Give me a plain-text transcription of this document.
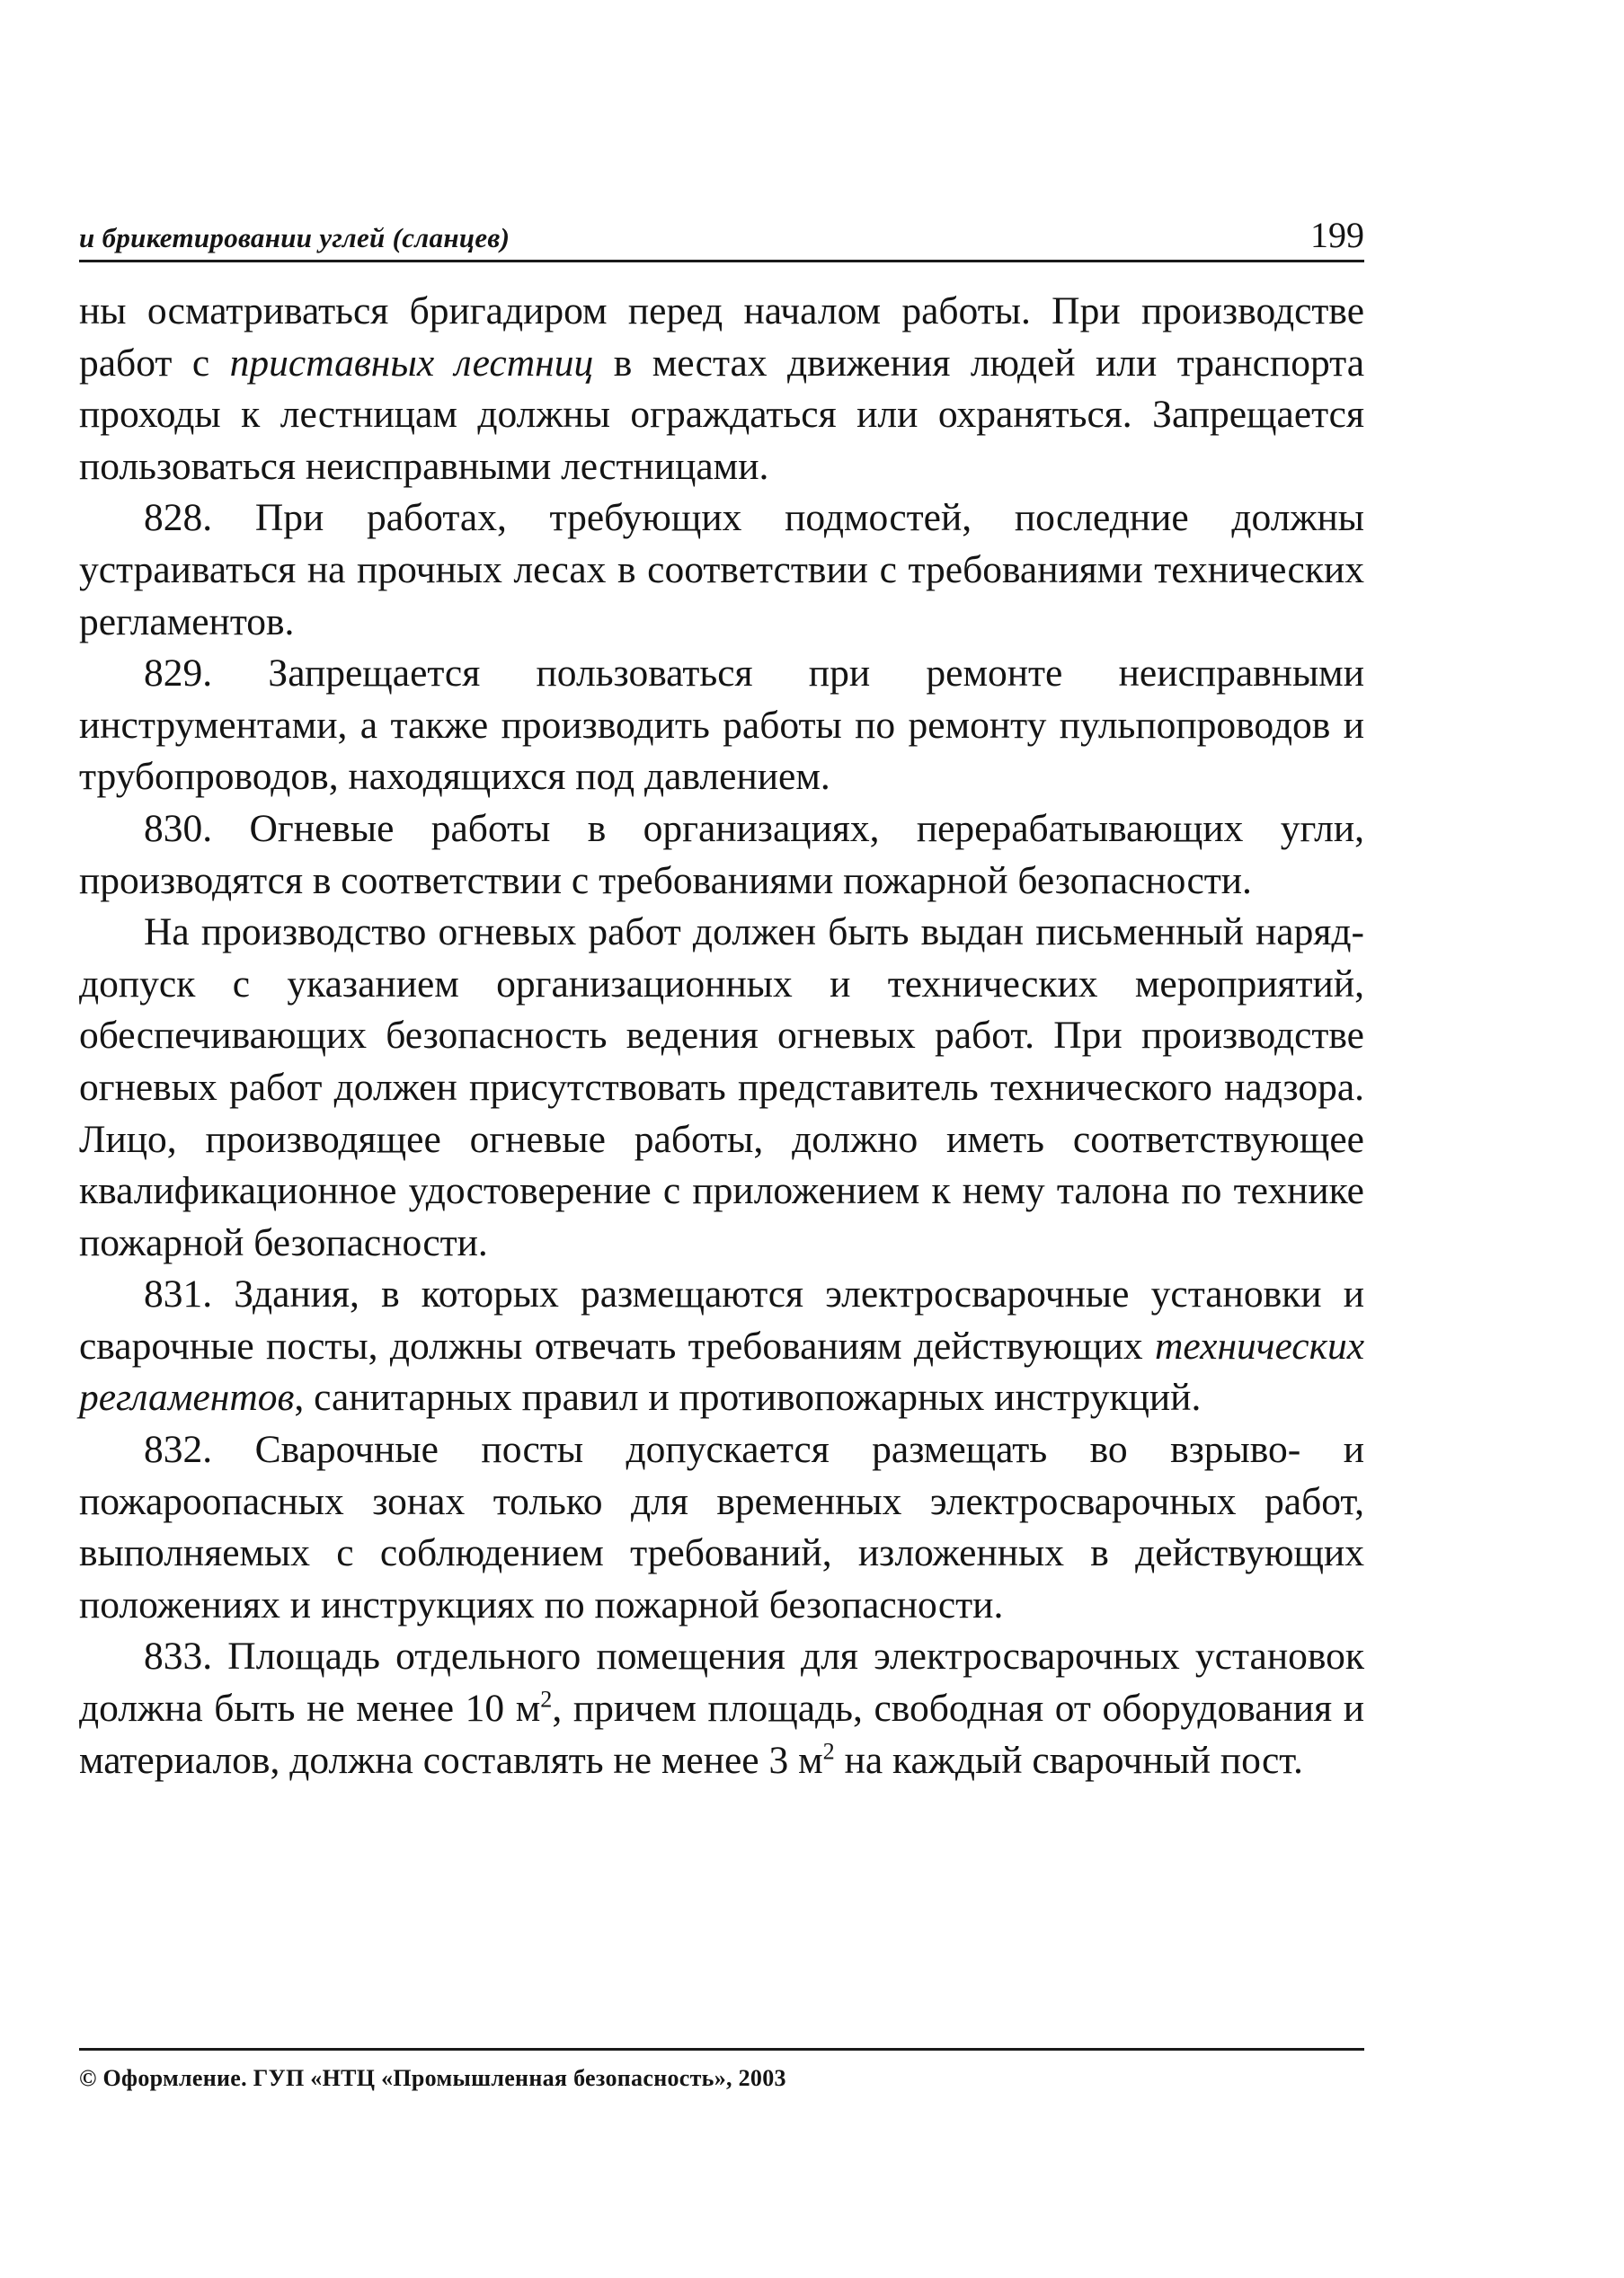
и брикетировании углей (сланцев)	199

ны осматриваться бригадиром перед началом работы. При производстве работ с приставных лестниц в местах движения людей или транспорта проходы к лестницам должны ограждаться или охраняться. Запрещается пользоваться неисправными лестницами.

828. При работах, требующих подмостей, последние должны устраиваться на прочных лесах в соответствии с требованиями технических регламентов.

829. Запрещается пользоваться при ремонте неисправными инструментами, а также производить работы по ремонту пульпопроводов и трубопроводов, находящихся под давлением.

830. Огневые работы в организациях, перерабатывающих угли, производятся в соответствии с требованиями пожарной безопасности.

На производство огневых работ должен быть выдан письменный наряд-допуск с указанием организационных и технических мероприятий, обеспечивающих безопасность ведения огневых работ. При производстве огневых работ должен присутствовать представитель технического надзора. Лицо, производящее огневые работы, должно иметь соответствующее квалификационное удостоверение с приложением к нему талона по технике пожарной безопасности.

831. Здания, в которых размещаются электросварочные установки и сварочные посты, должны отвечать требованиям действующих технических регламентов, санитарных правил и противопожарных инструкций.

832. Сварочные посты допускается размещать во взрыво- и пожароопасных зонах только для временных электросварочных работ, выполняемых с соблюдением требований, изложенных в действующих положениях и инструкциях по пожарной безопасности.

833. Площадь отдельного помещения для электросварочных установок должна быть не менее 10 $м^2$, причем площадь, свободная от оборудования и материалов, должна составлять не менее 3 $м^2$ на каждый сварочный пост.

© Оформление. ГУП «НТЦ «Промышленная безопасность», 2003
